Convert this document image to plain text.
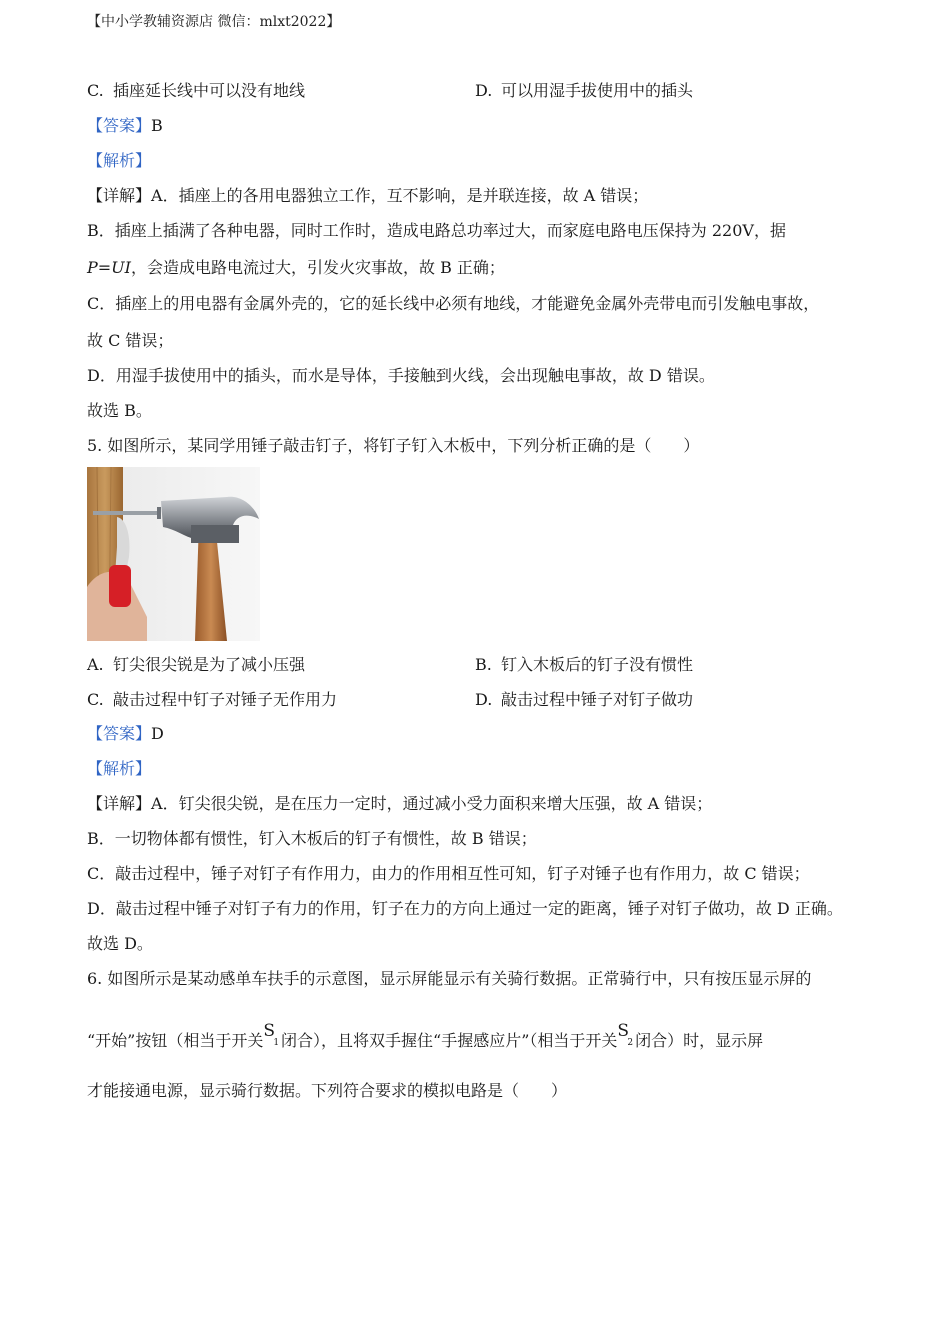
【中小学教辅资源店 微信：mlxt2022】
C. 插座延长线中可以没有地线	D. 可以用湿手拔使用中的插头
【答案】B
【解析】
【详解】A．插座上的各用电器独立工作，互不影响，是并联连接，故 A 错误；
B．插座上插满了各种电器，同时工作时，造成电路总功率过大，而家庭电路电压保持为 220V，据
P=UI，会造成电路电流过大，引发火灾事故，故 B 正确；
C．插座上的用电器有金属外壳的，它的延长线中必须有地线，才能避免金属外壳带电而引发触电事故，
故 C 错误；
D．用湿手拔使用中的插头，而水是导体，手接触到火线，会出现触电事故，故 D 错误。
故选 B。
5. 如图所示，某同学用锤子敲击钉子，将钉子钉入木板中，下列分析正确的是（　　）
A. 钉尖很尖锐是为了减小压强	B. 钉入木板后的钉子没有惯性
C. 敲击过程中钉子对锤子无作用力	D. 敲击过程中锤子对钉子做功
【答案】D
【解析】
【详解】A．钉尖很尖锐，是在压力一定时，通过减小受力面积来增大压强，故 A 错误；
B．一切物体都有惯性，钉入木板后的钉子有惯性，故 B 错误；
C．敲击过程中，锤子对钉子有作用力，由力的作用相互性可知，钉子对锤子也有作用力，故 C 错误；
D．敲击过程中锤子对钉子有力的作用，钉子在力的方向上通过一定的距离，锤子对钉子做功，故 D 正确。
故选 D。
6. 如图所示是某动感单车扶手的示意图，显示屏能显示有关骑行数据。正常骑行中，只有按压显示屏的
“开始”按钮（相当于开关S
1 闭合），且将双手握住“手握感应片”（相当于开关S
2 闭合）时，显示屏
才能接通电源，显示骑行数据。下列符合要求的模拟电路是（　　）
